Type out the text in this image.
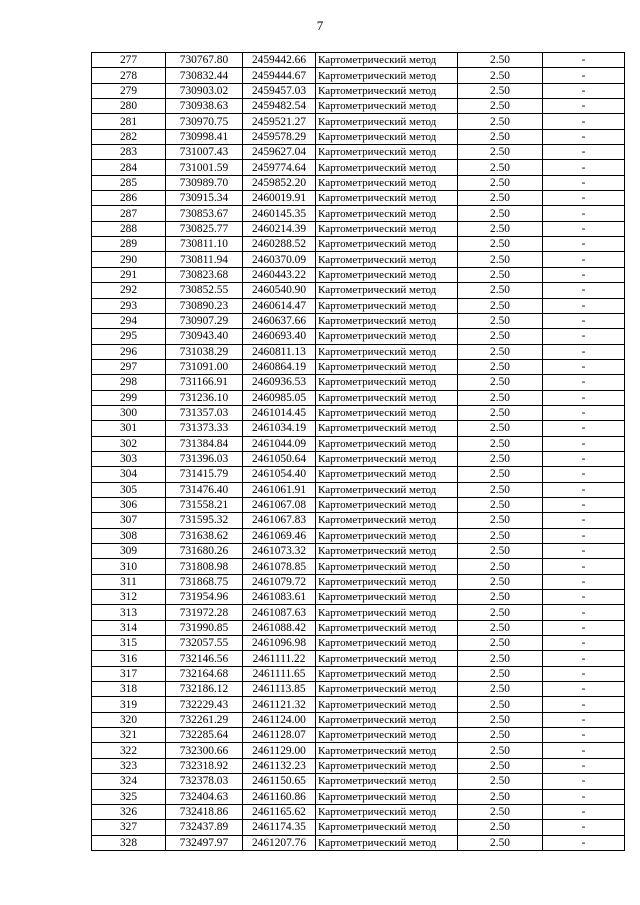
7
277	730767.80	2459442.66	Картометрический метод	2.50	-
278	730832.44	2459444.67	Картометрический метод	2.50	-
279	730903.02	2459457.03	Картометрический метод	2.50	-
280	730938.63	2459482.54	Картометрический метод	2.50	-
281	730970.75	2459521.27	Картометрический метод	2.50	-
282	730998.41	2459578.29	Картометрический метод	2.50	-
283	731007.43	2459627.04	Картометрический метод	2.50	-
284	731001.59	2459774.64	Картометрический метод	2.50	-
285	730989.70	2459852.20	Картометрический метод	2.50	-
286	730915.34	2460019.91	Картометрический метод	2.50	-
287	730853.67	2460145.35	Картометрический метод	2.50	-
288	730825.77	2460214.39	Картометрический метод	2.50	-
289	730811.10	2460288.52	Картометрический метод	2.50	-
290	730811.94	2460370.09	Картометрический метод	2.50	-
291	730823.68	2460443.22	Картометрический метод	2.50	-
292	730852.55	2460540.90	Картометрический метод	2.50	-
293	730890.23	2460614.47	Картометрический метод	2.50	-
294	730907.29	2460637.66	Картометрический метод	2.50	-
295	730943.40	2460693.40	Картометрический метод	2.50	-
296	731038.29	2460811.13	Картометрический метод	2.50	-
297	731091.00	2460864.19	Картометрический метод	2.50	-
298	731166.91	2460936.53	Картометрический метод	2.50	-
299	731236.10	2460985.05	Картометрический метод	2.50	-
300	731357.03	2461014.45	Картометрический метод	2.50	-
301	731373.33	2461034.19	Картометрический метод	2.50	-
302	731384.84	2461044.09	Картометрический метод	2.50	-
303	731396.03	2461050.64	Картометрический метод	2.50	-
304	731415.79	2461054.40	Картометрический метод	2.50	-
305	731476.40	2461061.91	Картометрический метод	2.50	-
306	731558.21	2461067.08	Картометрический метод	2.50	-
307	731595.32	2461067.83	Картометрический метод	2.50	-
308	731638.62	2461069.46	Картометрический метод	2.50	-
309	731680.26	2461073.32	Картометрический метод	2.50	-
310	731808.98	2461078.85	Картометрический метод	2.50	-
311	731868.75	2461079.72	Картометрический метод	2.50	-
312	731954.96	2461083.61	Картометрический метод	2.50	-
313	731972.28	2461087.63	Картометрический метод	2.50	-
314	731990.85	2461088.42	Картометрический метод	2.50	-
315	732057.55	2461096.98	Картометрический метод	2.50	-
316	732146.56	2461111.22	Картометрический метод	2.50	-
317	732164.68	2461111.65	Картометрический метод	2.50	-
318	732186.12	2461113.85	Картометрический метод	2.50	-
319	732229.43	2461121.32	Картометрический метод	2.50	-
320	732261.29	2461124.00	Картометрический метод	2.50	-
321	732285.64	2461128.07	Картометрический метод	2.50	-
322	732300.66	2461129.00	Картометрический метод	2.50	-
323	732318.92	2461132.23	Картометрический метод	2.50	-
324	732378.03	2461150.65	Картометрический метод	2.50	-
325	732404.63	2461160.86	Картометрический метод	2.50	-
326	732418.86	2461165.62	Картометрический метод	2.50	-
327	732437.89	2461174.35	Картометрический метод	2.50	-
328	732497.97	2461207.76	Картометрический метод	2.50	-
